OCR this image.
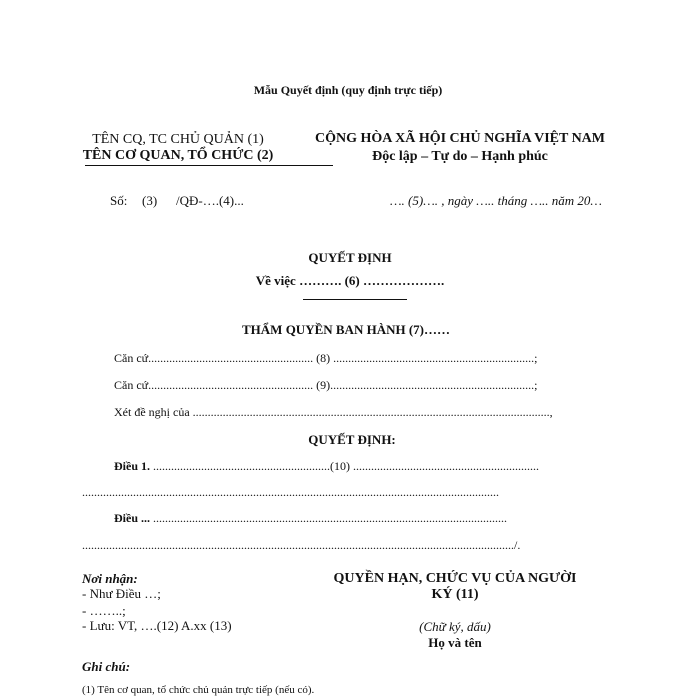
Mẫu Quyết định (quy định trực tiếp)
TÊN CQ, TC CHỦ QUẢN (1)
TÊN CƠ QUAN, TỔ CHỨC (2)
CỘNG HÒA XÃ HỘI CHỦ NGHĨA VIỆT NAM
Độc lập – Tự do – Hạnh phúc
Số: (3) /QĐ-….(4)...	…. (5)…. , ngày ….. tháng ….. năm 20…
QUYẾT ĐỊNH
Về việc ………. (6) ……………….
THẨM QUYỀN BAN HÀNH (7)……
Căn cứ....................................................... (8) ...................................................................;
Căn cứ....................................................... (9)....................................................................;
Xét đề nghị của .......................................................................................................................,
QUYẾT ĐỊNH:
Điều 1. ...........................................................(10) ..............................................................
...........................................................................................................................................
Điều ... ......................................................................................................................
................................................................................................................................................/.
Nơi nhận:
- Như Điều …;
- ……..;
- Lưu: VT, ….(12) A.xx (13)
QUYỀN HẠN, CHỨC VỤ CỦA NGƯỜI
KÝ (11)
(Chữ ký, dấu)
Họ và tên
Ghi chú:
(1) Tên cơ quan, tổ chức chủ quản trực tiếp (nếu có).
